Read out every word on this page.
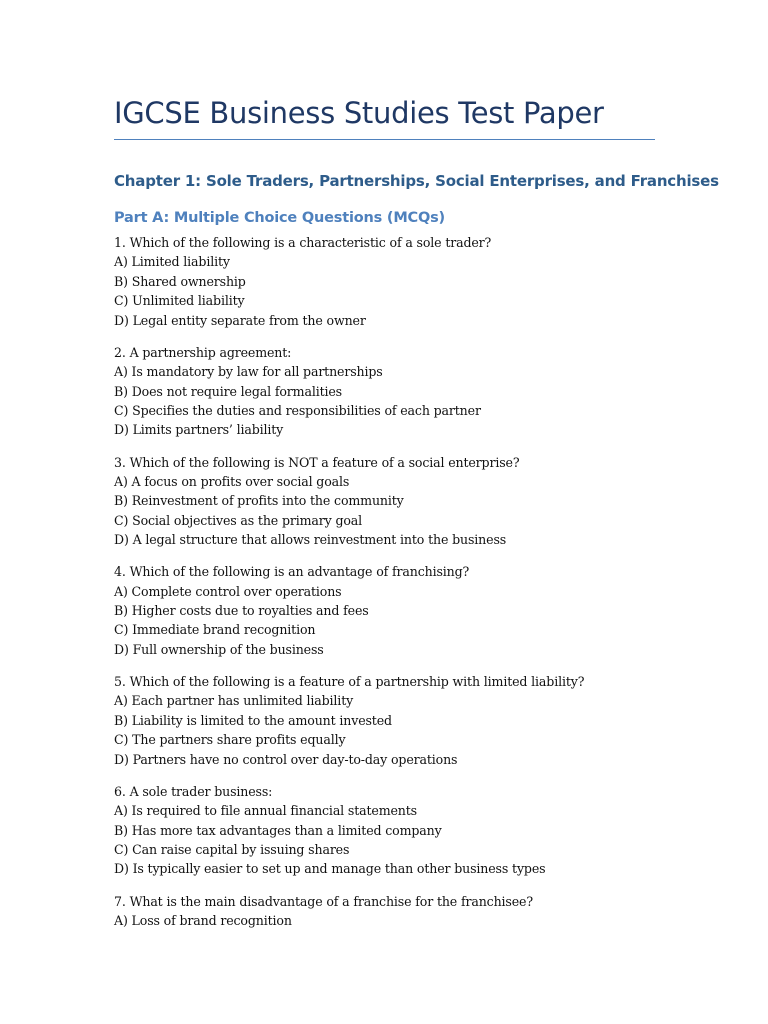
IGCSE Business Studies Test Paper
Chapter 1: Sole Traders, Partnerships, Social Enterprises, and Franchises
Part A: Multiple Choice Questions (MCQs)
1. Which of the following is a characteristic of a sole trader?
A) Limited liability
B) Shared ownership
C) Unlimited liability
D) Legal entity separate from the owner
2. A partnership agreement:
A) Is mandatory by law for all partnerships
B) Does not require legal formalities
C) Specifies the duties and responsibilities of each partner
D) Limits partners’ liability
3. Which of the following is NOT a feature of a social enterprise?
A) A focus on profits over social goals
B) Reinvestment of profits into the community
C) Social objectives as the primary goal
D) A legal structure that allows reinvestment into the business
4. Which of the following is an advantage of franchising?
A) Complete control over operations
B) Higher costs due to royalties and fees
C) Immediate brand recognition
D) Full ownership of the business
5. Which of the following is a feature of a partnership with limited liability?
A) Each partner has unlimited liability
B) Liability is limited to the amount invested
C) The partners share profits equally
D) Partners have no control over day-to-day operations
6. A sole trader business:
A) Is required to file annual financial statements
B) Has more tax advantages than a limited company
C) Can raise capital by issuing shares
D) Is typically easier to set up and manage than other business types
7. What is the main disadvantage of a franchise for the franchisee?
A) Loss of brand recognition
